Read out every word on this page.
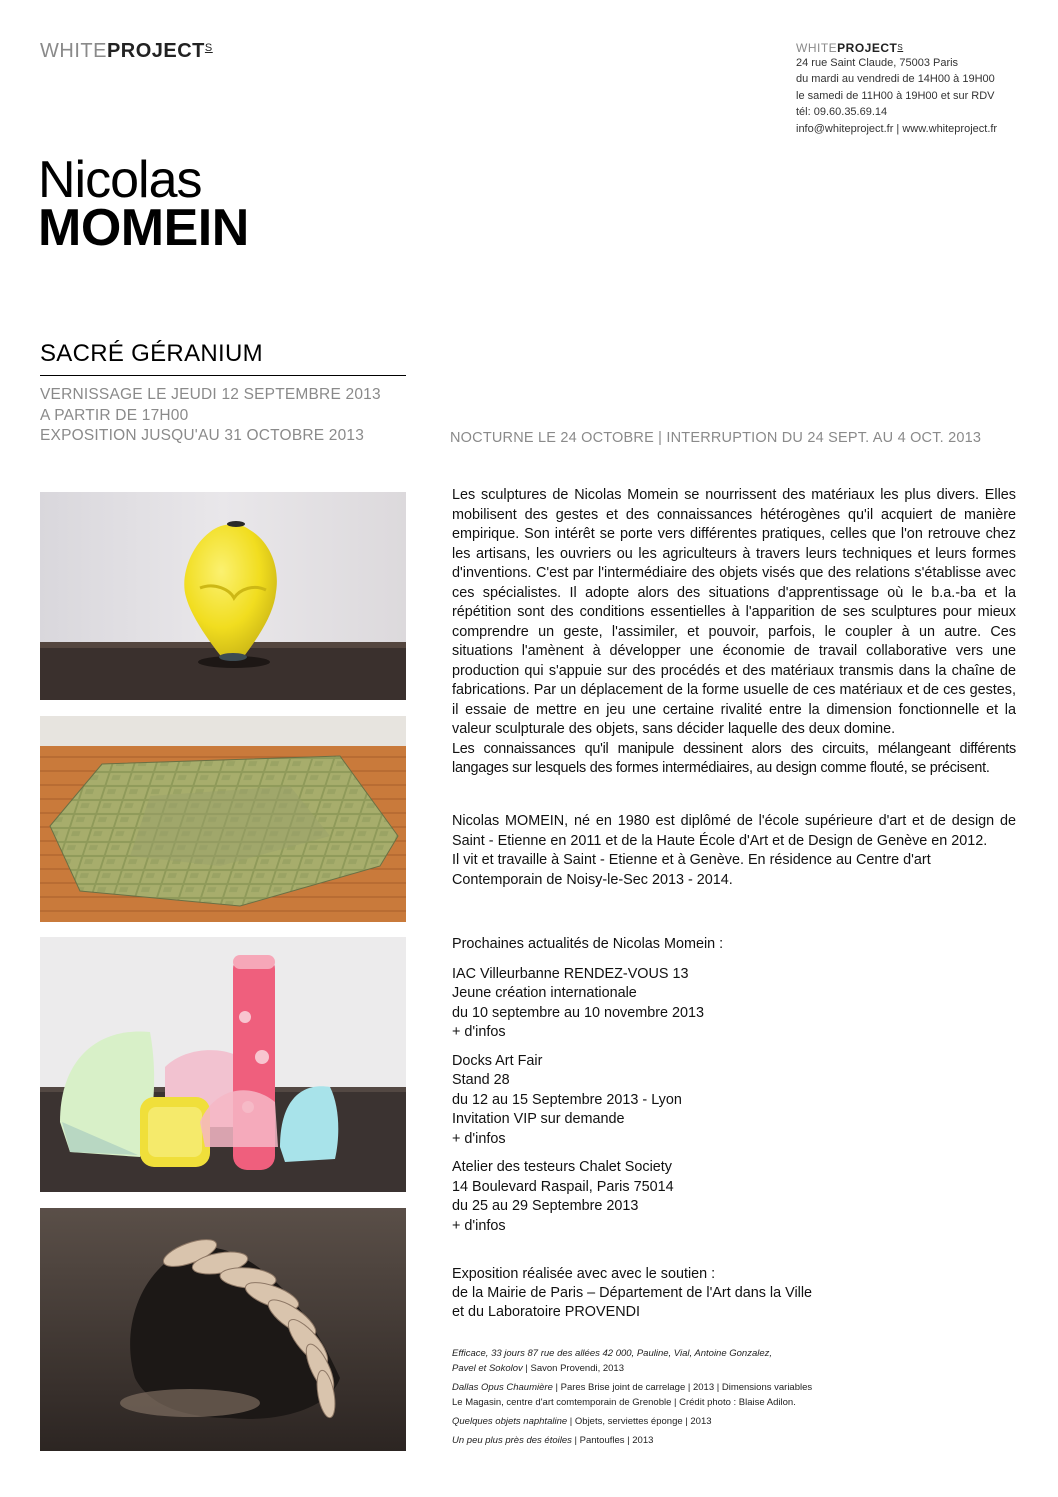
$WHITEPROJECT^S$	$WHITEPROJECT^S$
24 rue Saint Claude, 75003 Paris
du mardi au vendredi de 14H00 à 19H00
le samedi de 11H00 à 19H00 et sur RDV
tél: 09.60.35.69.14
info@whiteproject.fr | www.whiteproject.fr
Nicolas
MOMEIN
SACRÉ GÉRANIUM
VERNISSAGE LE JEUDI 12 SEPTEMBRE 2013
A PARTIR DE 17H00
EXPOSITION JUSQU'AU 31 OCTOBRE 2013	NOCTURNE LE 24 OCTOBRE | INTERRUPTION DU 24 SEPT. AU 4 OCT. 2013

Les sculptures de Nicolas Momein se nourrissent des matériaux les plus divers. Elles mobilisent des gestes et des connaissances hétérogènes qu'il acquiert de manière empirique. Son intérêt se porte vers différentes pratiques, celles que l'on retrouve chez les artisans, les ouvriers ou les agriculteurs à travers leurs techniques et leurs formes d'inventions. C'est par l'intermédiaire des objets visés que des relations s'établisse avec ces spécialistes. Il adopte alors des situations d'apprentissage où le b.a.-ba et la répétition sont des conditions essentielles à l'apparition de ses sculptures pour mieux comprendre un geste, l'assimiler, et pouvoir, parfois, le coupler à un autre. Ces situations l'amènent à développer une économie de travail collaborative vers une production qui s'appuie sur des procédés et des matériaux transmis dans la chaîne de fabrications. Par un déplacement de la forme usuelle de ces matériaux et de ces gestes, il essaie de mettre en jeu une certaine rivalité entre la dimension fonctionnelle et la valeur sculpturale des objets, sans décider laquelle des deux domine.

Les connaissances qu'il manipule dessinent alors des circuits, mélangeant différents langages sur lesquels des formes intermédiaires, au design comme flouté, se précisent.

Nicolas MOMEIN, né en 1980 est diplômé de l'école supérieure d'art et de design de Saint - Etienne en 2011 et de la Haute École d'Art et de Design de Genève en 2012.

Il vit et travaille à Saint - Etienne et à Genève. En résidence au Centre d'art Contemporain de Noisy-le-Sec 2013 - 2014.

Prochaines actualités de Nicolas Momein :
IAC Villeurbanne RENDEZ-VOUS 13
Jeune création internationale
du 10 septembre au 10 novembre 2013
+ d'infos
Docks Art Fair
Stand 28
du 12 au 15 Septembre 2013 - Lyon
Invitation VIP sur demande
+ d'infos
Atelier des testeurs Chalet Society
14 Boulevard Raspail, Paris 75014
du 25 au 29 Septembre 2013
+ d'infos
Exposition réalisée avec avec le soutien :
de la Mairie de Paris – Département de l'Art dans la Ville
et du Laboratoire PROVENDI
Efficace, 33 jours 87 rue des allées 42 000, Pauline, Vial, Antoine Gonzalez,
Pavel et Sokolov | Savon Provendi, 2013
Dallas Opus Chaumière | Pares Brise joint de carrelage | 2013 | Dimensions variables
Le Magasin, centre d'art comtemporain de Grenoble | Crédit photo : Blaise Adilon.
Quelques objets naphtaline | Objets, serviettes éponge | 2013
Un peu plus près des étoiles | Pantoufles | 2013
